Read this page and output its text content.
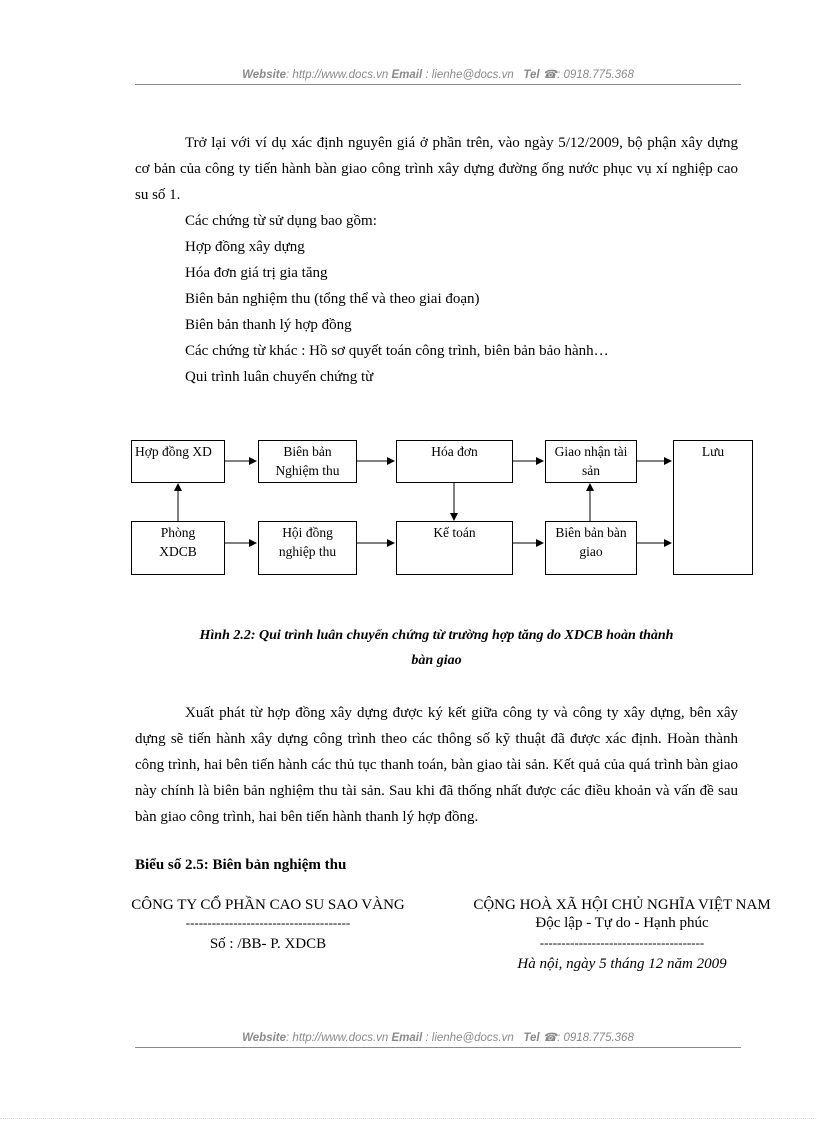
Website: http://www.docs.vn Email : lienhe@docs.vn Tel ☎: 0918.775.368

Trở lại với ví dụ xác định nguyên giá ở phần trên, vào ngày 5/12/2009, bộ phận xây dựng cơ bản của công ty tiến hành bàn giao công trình xây dựng đường ống nước phục vụ xí nghiệp cao su số 1.

Các chứng từ sử dụng bao gồm:

Hợp đồng xây dựng

Hóa đơn giá trị gia tăng

Biên bản nghiệm thu (tổng thể và theo giai đoạn)

Biên bản thanh lý hợp đồng

Các chứng từ khác : Hồ sơ quyết toán công trình, biên bản bảo hành…

Qui trình luân chuyển chứng từ

Hợp đồng XD	Biên bản
Nghiệm thu
Hóa đơn	Giao nhận tài
sản
Lưu
Phòng
XDCB
Hội đồng
nghiệp thu
Kế toán	Biên bản bàn
giao

Hình 2.2: Qui trình luân chuyển chứng từ trường hợp tăng do XDCB hoàn thành

bàn giao

Xuất phát từ hợp đồng xây dựng được ký kết giữa công ty và công ty xây dựng, bên xây dựng sẽ tiến hành xây dựng công trình theo các thông số kỹ thuật đã được xác định. Hoàn thành công trình, hai bên tiến hành các thủ tục thanh toán, bàn giao tài sản. Kết quả của quá trình bàn giao này chính là biên bản nghiệm thu tài sản. Sau khi đã thống nhất được các điều khoản và vấn đề sau bàn giao công trình, hai bên tiến hành thanh lý hợp đồng.

Biểu số 2.5: Biên bản nghiệm thu

CÔNG TY CỔ PHẦN CAO SU SAO VÀNG

--------------------------------------

Số : /BB- P. XDCB

CỘNG HOÀ XÃ HỘI CHỦ NGHĨA VIỆT NAM

Độc lập - Tự do - Hạnh phúc

--------------------------------------

Hà nội, ngày 5 tháng 12 năm 2009

Website: http://www.docs.vn Email : lienhe@docs.vn Tel ☎: 0918.775.368
